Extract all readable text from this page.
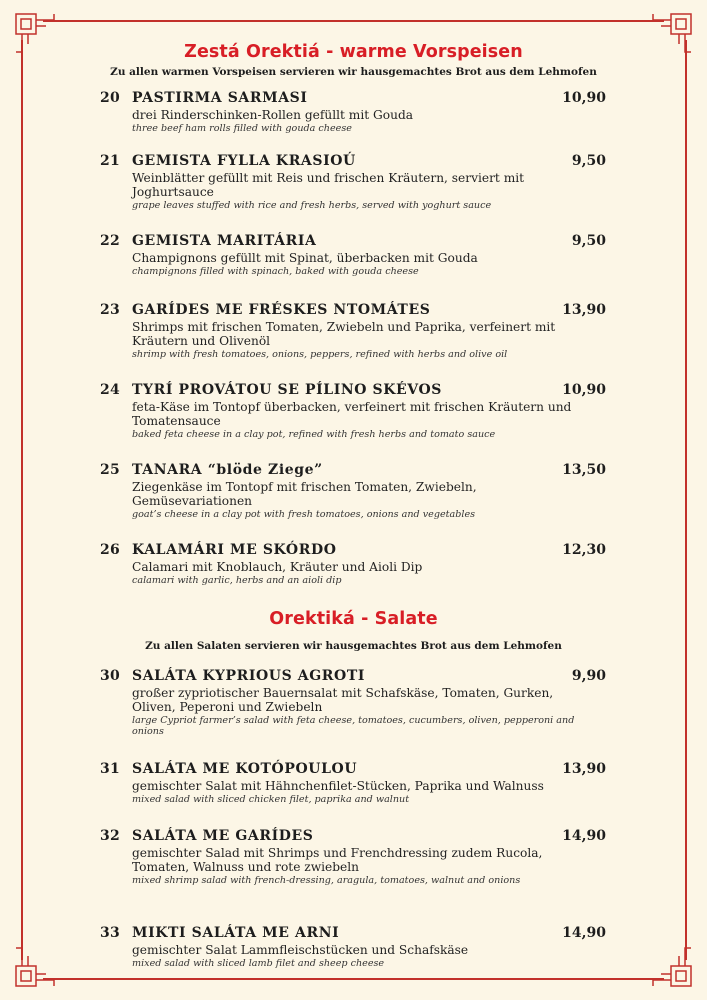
Zestá Orektiá - warme Vorspeisen
Zu allen warmen Vorspeisen servieren wir hausgemachtes Brot aus dem Lehmofen
20 PASTIRMA SARMASI	10,90
drei Rinderschinken-Rollen gefüllt mit Gouda
three beef ham rolls filled with gouda cheese
21 GEMISTA FYLLA KRASIOÚ	9,50
Weinblätter gefüllt mit Reis und frischen Kräutern, serviert mit Joghurtsauce
grape leaves stuffed with rice and fresh herbs, served with yoghurt sauce
22 GEMISTA MARITÁRIA	9,50
Champignons gefüllt mit Spinat, überbacken mit Gouda
champignons filled with spinach, baked with gouda cheese
23 GARÍDES ME FRÉSKES NTOMÁTES	13,90
Shrimps mit frischen Tomaten, Zwiebeln und Paprika, verfeinert mit Kräutern und Olivenöl
shrimp with fresh tomatoes, onions, peppers, refined with herbs and olive oil
24 TYRÍ PROVÁTOU SE PÍLINO SKÉVOS	10,90
feta-Käse im Tontopf überbacken, verfeinert mit frischen Kräutern und Tomatensauce
baked feta cheese in a clay pot, refined with fresh herbs and tomato sauce
25 TANARA “blöde Ziege”	13,50
Ziegenkäse im Tontopf mit frischen Tomaten, Zwiebeln, Gemüsevariationen
goat’s cheese in a clay pot with fresh tomatoes, onions and vegetables
26 KALAMÁRI ME SKÓRDO	12,30
Calamari mit Knoblauch, Kräuter und Aioli Dip
calamari with garlic, herbs and an aioli dip
Orektiká - Salate
Zu allen Salaten servieren wir hausgemachtes Brot aus dem Lehmofen
30 SALÁTA KYPRIOUS AGROTI	9,90
großer zypriotischer Bauernsalat mit Schafskäse, Tomaten, Gurken, Oliven, Peperoni und Zwiebeln
large Cypriot farmer’s salad with feta cheese, tomatoes, cucumbers, oliven, pepperoni and onions
31 SALÁTA ME KOTÓPOULOU	13,90
gemischter Salat mit Hähnchenfilet-Stücken, Paprika und Walnuss
mixed salad with sliced chicken filet, paprika and walnut
32 SALÁTA ME GARÍDES	14,90
gemischter Salad mit Shrimps und Frenchdressing zudem Rucola, Tomaten, Walnuss und rote zwiebeln
mixed shrimp salad with french-dressing, aragula, tomatoes, walnut and onions
33 MIKTI SALÁTA ME ARNI	14,90
gemischter Salat Lammfleischstücken und Schafskäse
mixed salad with sliced lamb filet and sheep cheese
